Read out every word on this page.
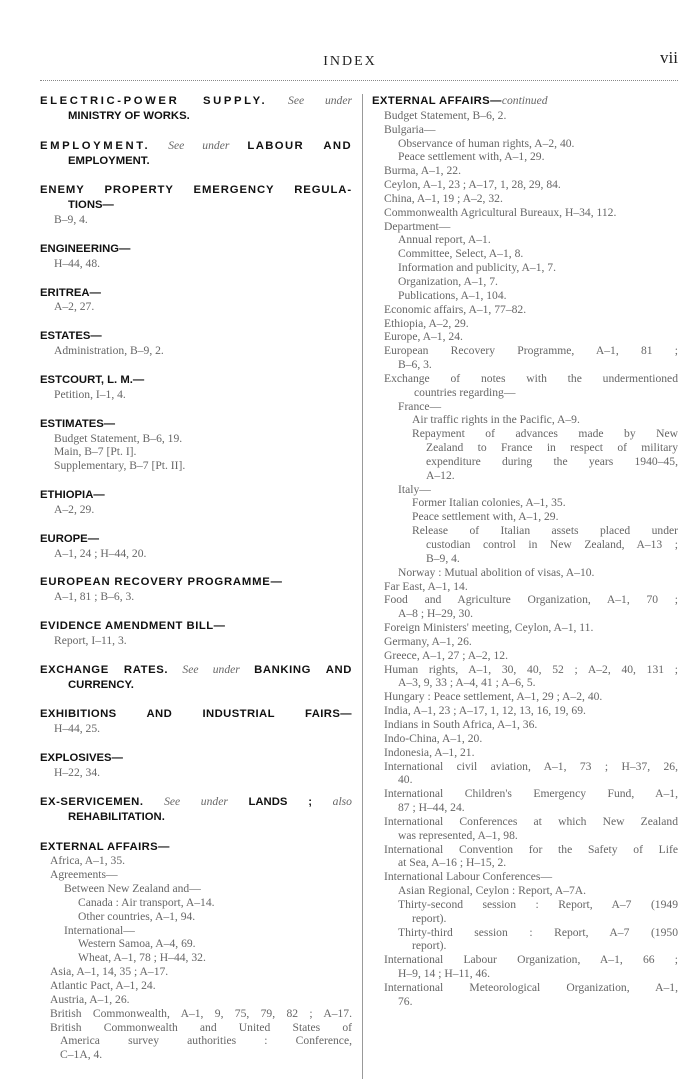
INDEX	vii
ELECTRIC-POWER SUPPLY. See under
MINISTRY OF WORKS.
EMPLOYMENT. See under LABOUR AND
EMPLOYMENT.
ENEMY PROPERTY EMERGENCY REGULA-
TIONS—
B–9, 4.
ENGINEERING—
H–44, 48.
ERITREA—
A–2, 27.
ESTATES—
Administration, B–9, 2.
ESTCOURT, L. M.—
Petition, I–1, 4.
ESTIMATES—
Budget Statement, B–6, 19.
Main, B–7 [Pt. I].
Supplementary, B–7 [Pt. II].
ETHIOPIA—
A–2, 29.
EUROPE—
A–1, 24 ; H–44, 20.
EUROPEAN RECOVERY PROGRAMME—
A–1, 81 ; B–6, 3.
EVIDENCE AMENDMENT BILL—
Report, I–11, 3.
EXCHANGE RATES. See under BANKING AND
CURRENCY.
EXHIBITIONS AND INDUSTRIAL FAIRS—
H–44, 25.
EXPLOSIVES—
H–22, 34.
EX-SERVICEMEN. See under LANDS ; also
REHABILITATION.
EXTERNAL AFFAIRS—
Africa, A–1, 35.
Agreements—
Between New Zealand and—
Canada : Air transport, A–14.
Other countries, A–1, 94.
International—
Western Samoa, A–4, 69.
Wheat, A–1, 78 ; H–44, 32.
Asia, A–1, 14, 35 ; A–17.
Atlantic Pact, A–1, 24.
Austria, A–1, 26.
British Commonwealth, A–1, 9, 75, 79, 82 ; A–17.
British Commonwealth and United States of
America survey authorities : Conference,
C–1A, 4.
EXTERNAL AFFAIRS—continued
Budget Statement, B–6, 2.
Bulgaria—
Observance of human rights, A–2, 40.
Peace settlement with, A–1, 29.
Burma, A–1, 22.
Ceylon, A–1, 23 ; A–17, 1, 28, 29, 84.
China, A–1, 19 ; A–2, 32.
Commonwealth Agricultural Bureaux, H–34, 112.
Department—
Annual report, A–1.
Committee, Select, A–1, 8.
Information and publicity, A–1, 7.
Organization, A–1, 7.
Publications, A–1, 104.
Economic affairs, A–1, 77–82.
Ethiopia, A–2, 29.
Europe, A–1, 24.
European Recovery Programme, A–1, 81 ;
B–6, 3.
Exchange of notes with the undermentioned
countries regarding—
France—
Air traffic rights in the Pacific, A–9.
Repayment of advances made by New
Zealand to France in respect of military
expenditure during the years 1940–45,
A–12.
Italy—
Former Italian colonies, A–1, 35.
Peace settlement with, A–1, 29.
Release of Italian assets placed under
custodian control in New Zealand, A–13 ;
B–9, 4.
Norway : Mutual abolition of visas, A–10.
Far East, A–1, 14.
Food and Agriculture Organization, A–1, 70 ;
A–8 ; H–29, 30.
Foreign Ministers' meeting, Ceylon, A–1, 11.
Germany, A–1, 26.
Greece, A–1, 27 ; A–2, 12.
Human rights, A–1, 30, 40, 52 ; A–2, 40, 131 ;
A–3, 9, 33 ; A–4, 41 ; A–6, 5.
Hungary : Peace settlement, A–1, 29 ; A–2, 40.
India, A–1, 23 ; A–17, 1, 12, 13, 16, 19, 69.
Indians in South Africa, A–1, 36.
Indo-China, A–1, 20.
Indonesia, A–1, 21.
International civil aviation, A–1, 73 ; H–37, 26,
40.
International Children's Emergency Fund, A–1,
87 ; H–44, 24.
International Conferences at which New Zealand
was represented, A–1, 98.
International Convention for the Safety of Life
at Sea, A–16 ; H–15, 2.
International Labour Conferences—
Asian Regional, Ceylon : Report, A–7A.
Thirty-second session : Report, A–7 (1949
report).
Thirty-third session : Report, A–7 (1950
report).
International Labour Organization, A–1, 66 ;
H–9, 14 ; H–11, 46.
International Meteorological Organization, A–1,
76.
